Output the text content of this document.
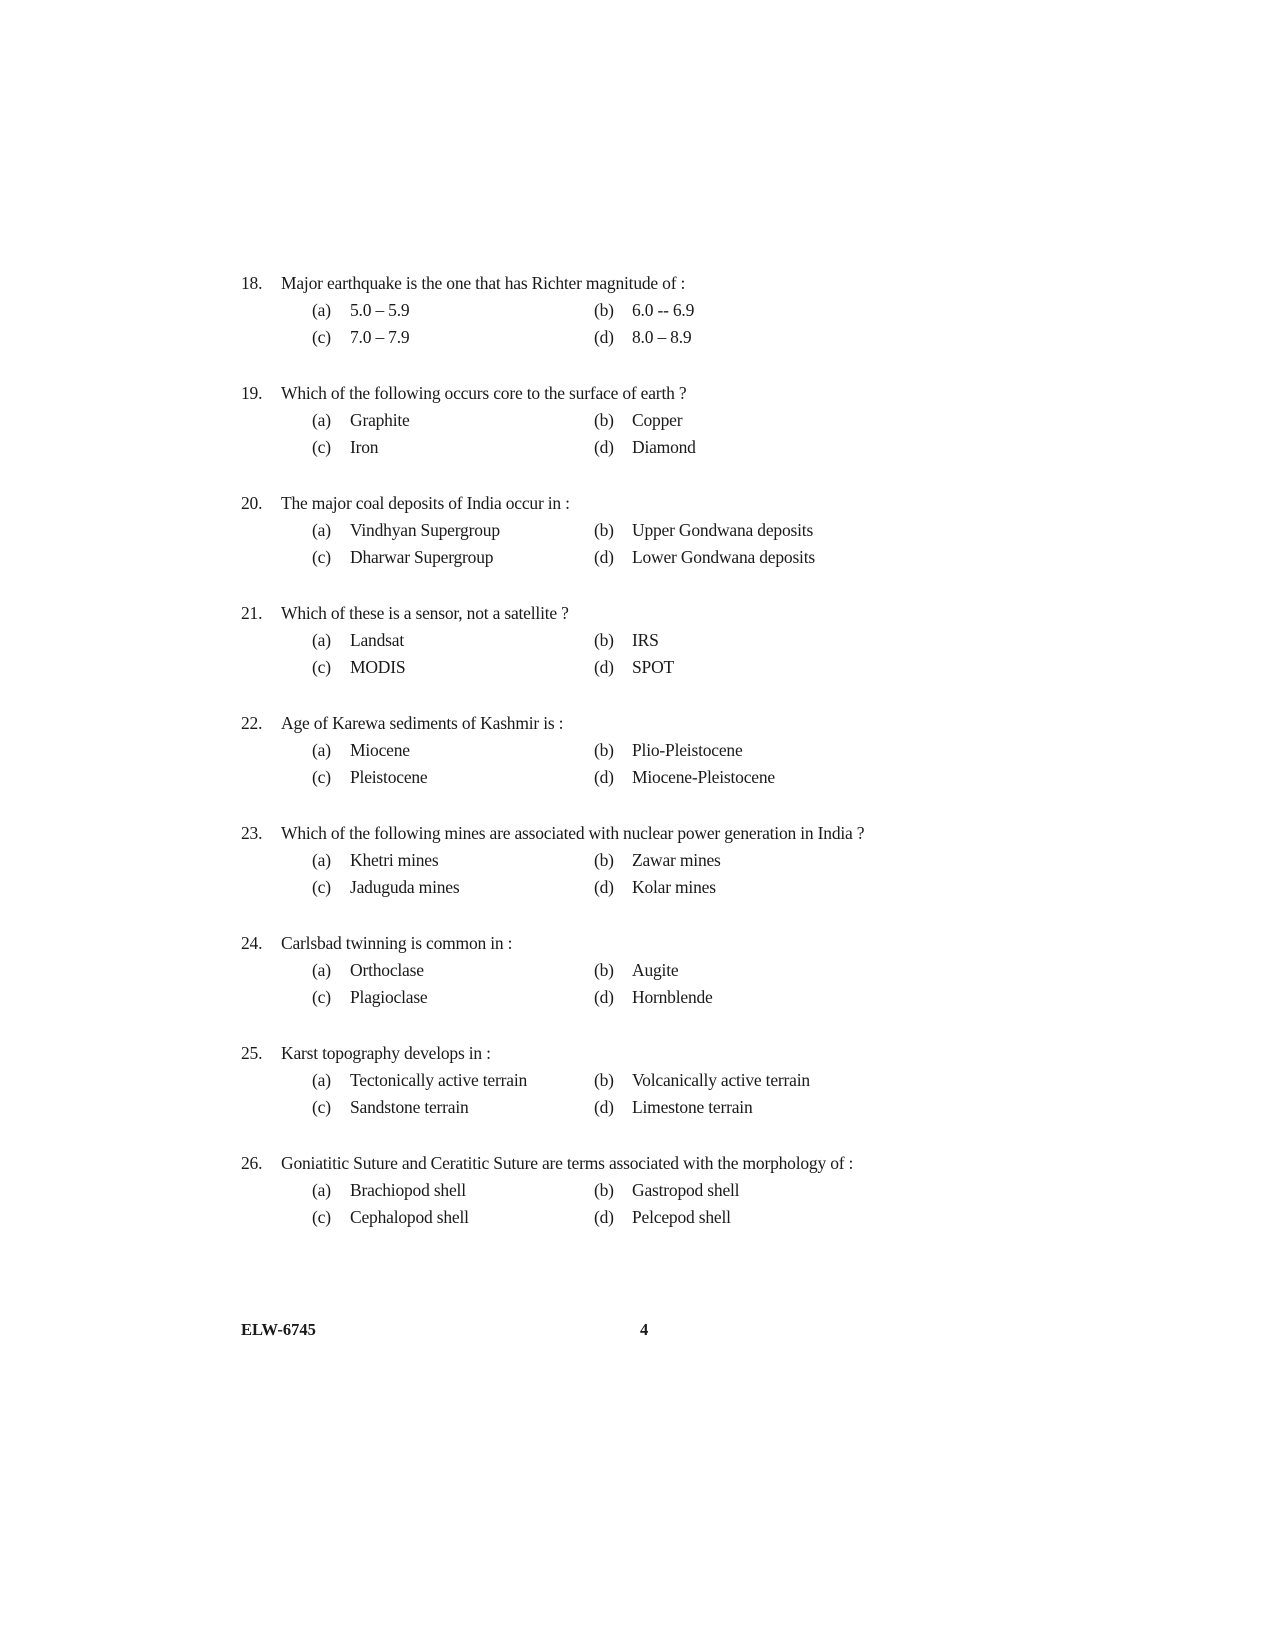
18. Major earthquake is the one that has Richter magnitude of :
(a) 5.0 – 5.9	(b) 6.0 -- 6.9
(c) 7.0 – 7.9	(d) 8.0 – 8.9
19. Which of the following occurs core to the surface of earth ?
(a) Graphite	(b) Copper
(c) Iron	(d) Diamond
20. The major coal deposits of India occur in :
(a) Vindhyan Supergroup	(b) Upper Gondwana deposits
(c) Dharwar Supergroup	(d) Lower Gondwana deposits
21. Which of these is a sensor, not a satellite ?
(a) Landsat	(b) IRS
(c) MODIS	(d) SPOT
22. Age of Karewa sediments of Kashmir is :
(a) Miocene	(b) Plio-Pleistocene
(c) Pleistocene	(d) Miocene-Pleistocene
23. Which of the following mines are associated with nuclear power generation in India ?
(a) Khetri mines	(b) Zawar mines
(c) Jaduguda mines	(d) Kolar mines
24. Carlsbad twinning is common in :
(a) Orthoclase	(b) Augite
(c) Plagioclase	(d) Hornblende
25. Karst topography develops in :
(a) Tectonically active terrain	(b) Volcanically active terrain
(c) Sandstone terrain	(d) Limestone terrain
26. Goniatitic Suture and Ceratitic Suture are terms associated with the morphology of :
(a) Brachiopod shell	(b) Gastropod shell
(c) Cephalopod shell	(d) Pelcepod shell
ELW-6745	4
